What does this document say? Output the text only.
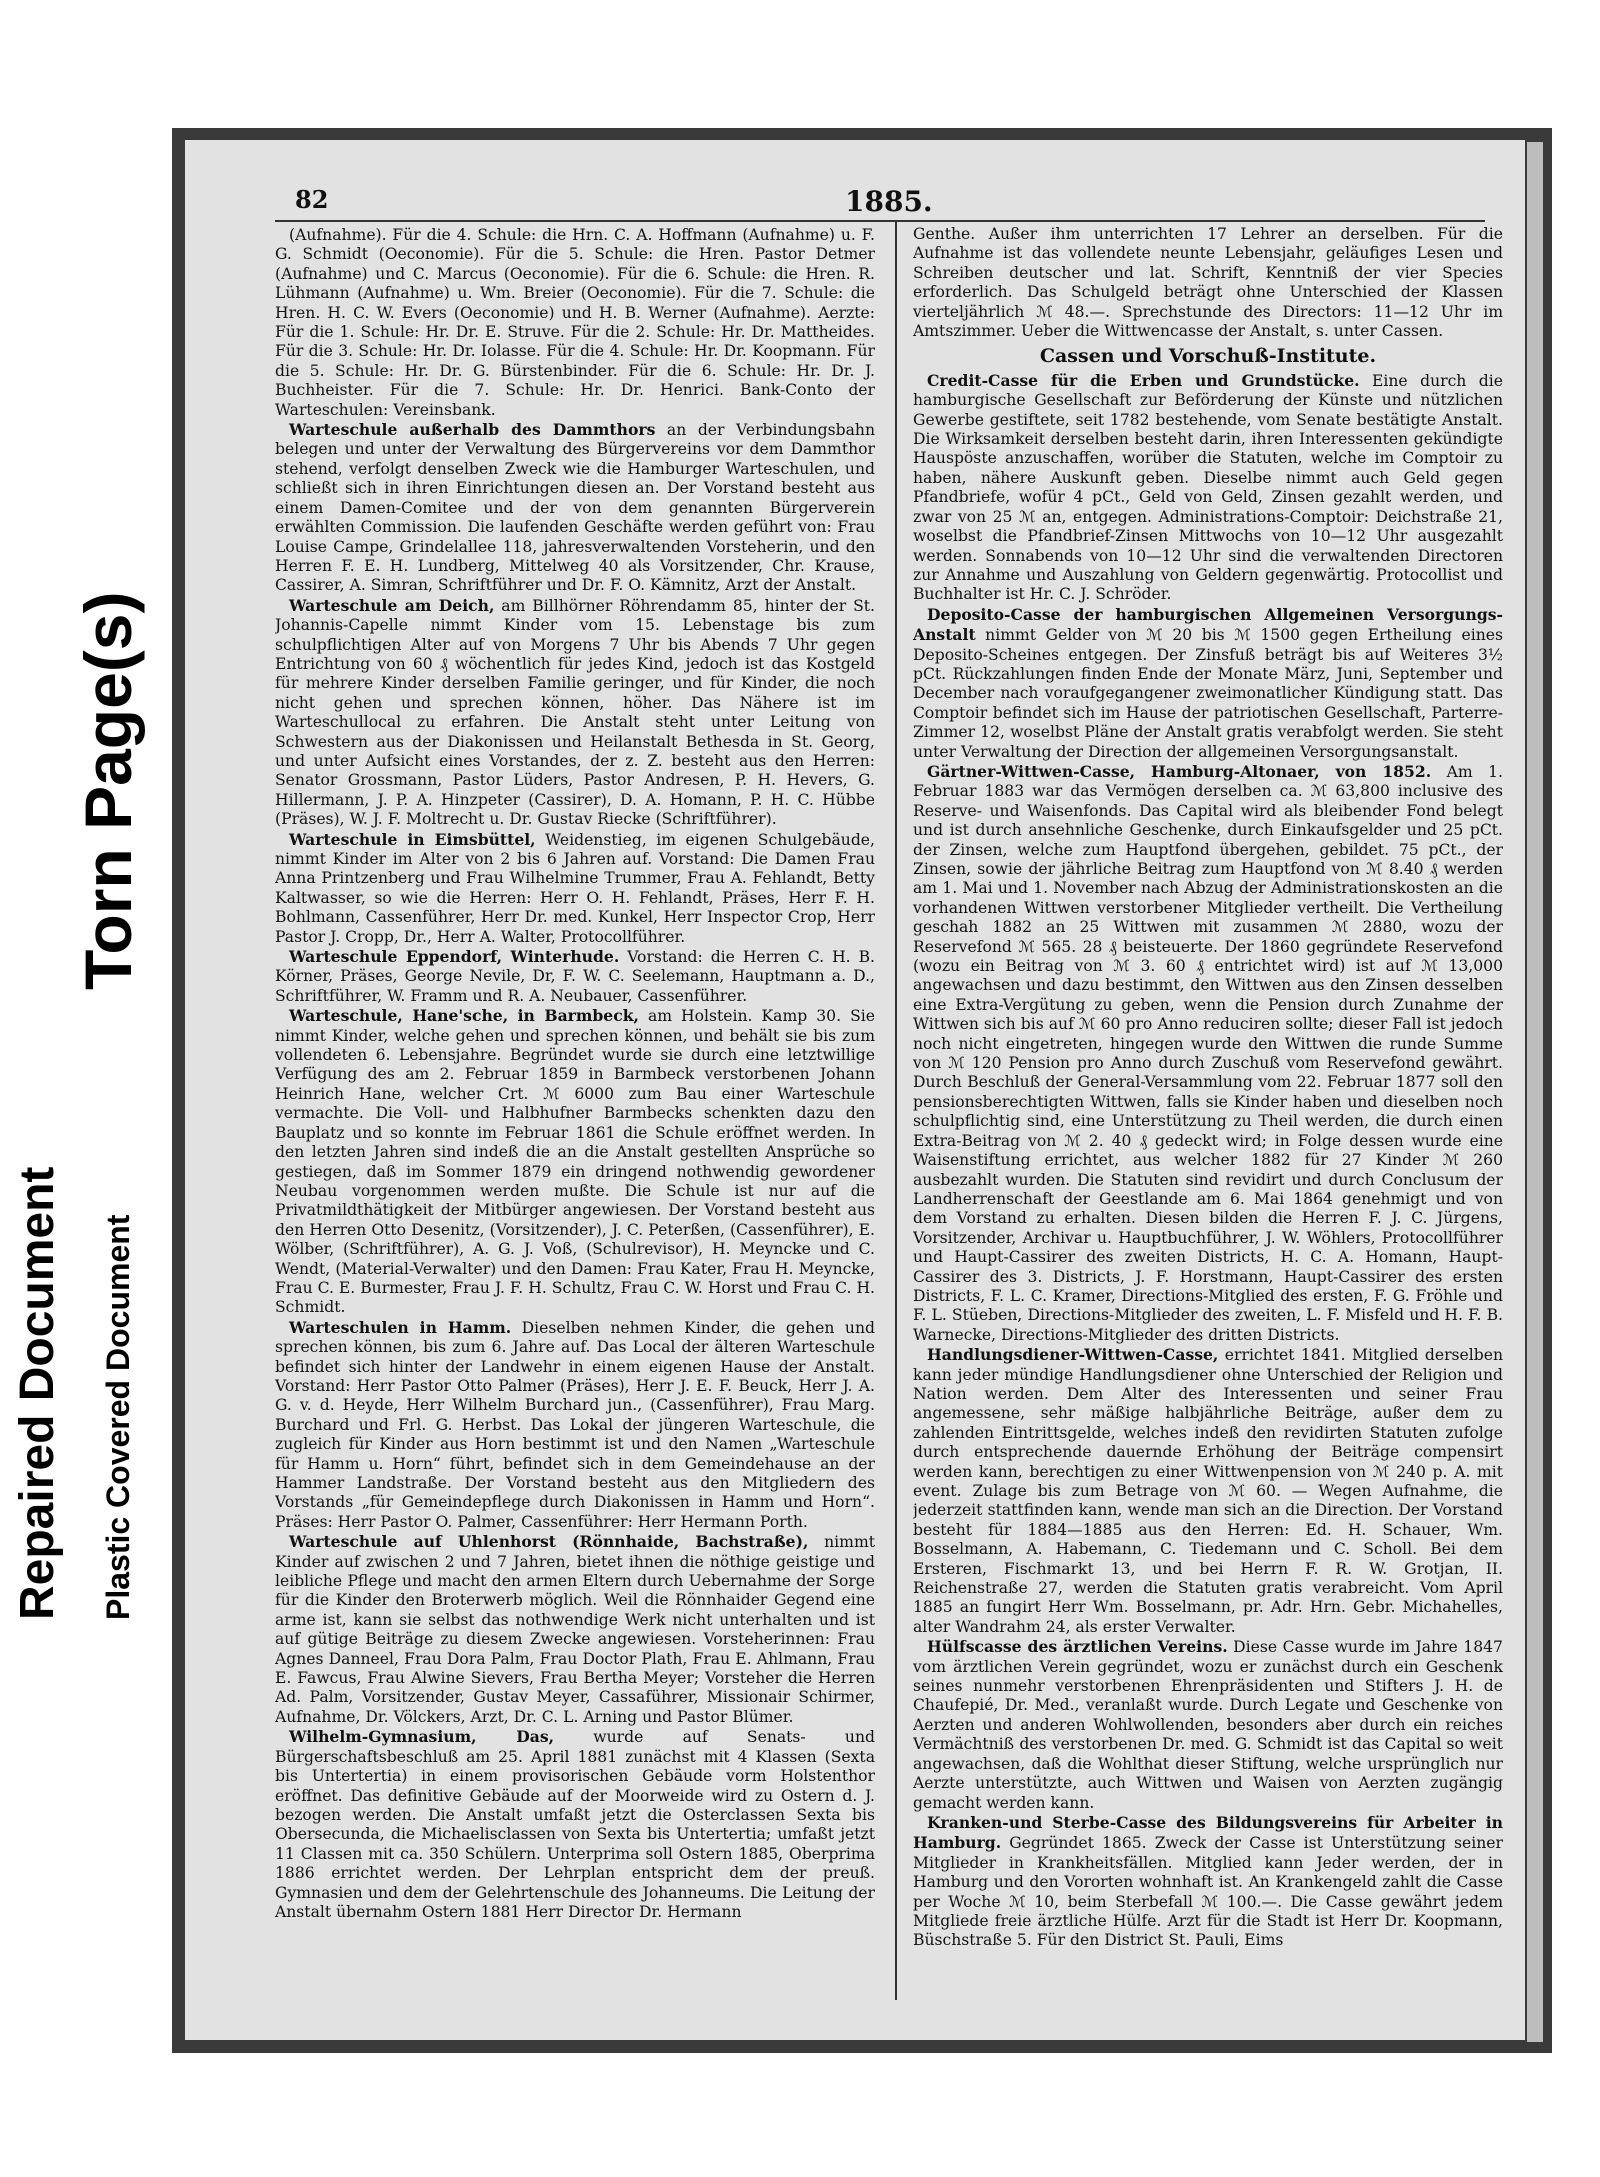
Torn Page(s)
Repaired Document Plastic Covered Document
82	1885.

(Aufnahme). Für die 4. Schule: die Hrn. C. A. Hoffmann (Aufnahme) u. F. G. Schmidt (Oeconomie). Für die 5. Schule: die Hren. Pastor Detmer (Aufnahme) und C. Marcus (Oeconomie). Für die 6. Schule: die Hren. R. Lühmann (Aufnahme) u. Wm. Breier (Oeconomie). Für die 7. Schule: die Hren. H. C. W. Evers (Oeconomie) und H. B. Werner (Aufnahme). Aerzte: Für die 1. Schule: Hr. Dr. E. Struve. Für die 2. Schule: Hr. Dr. Mattheides. Für die 3. Schule: Hr. Dr. Iolasse. Für die 4. Schule: Hr. Dr. Koopmann. Für die 5. Schule: Hr. Dr. G. Bürstenbinder. Für die 6. Schule: Hr. Dr. J. Buchheister. Für die 7. Schule: Hr. Dr. Henrici. Bank-Conto der Warteschulen: Vereinsbank.

Warteschule außerhalb des Dammthors an der Verbindungsbahn belegen und unter der Verwaltung des Bürgervereins vor dem Dammthor stehend, verfolgt denselben Zweck wie die Hamburger Warteschulen, und schließt sich in ihren Einrichtungen diesen an. Der Vorstand besteht aus einem Damen-Comitee und der von dem genannten Bürgerverein erwählten Commission. Die laufenden Geschäfte werden geführt von: Frau Louise Campe, Grindelallee 118, jahresverwaltenden Vorsteherin, und den Herren F. E. H. Lundberg, Mittelweg 40 als Vorsitzender, Chr. Krause, Cassirer, A. Simran, Schriftführer und Dr. F. O. Kämnitz, Arzt der Anstalt.

Warteschule am Deich, am Billhörner Röhrendamm 85, hinter der St. Johannis-Capelle nimmt Kinder vom 15. Lebenstage bis zum schulpflichtigen Alter auf von Morgens 7 Uhr bis Abends 7 Uhr gegen Entrichtung von 60 ₰ wöchentlich für jedes Kind, jedoch ist das Kostgeld für mehrere Kinder derselben Familie geringer, und für Kinder, die noch nicht gehen und sprechen können, höher. Das Nähere ist im Warteschullocal zu erfahren. Die Anstalt steht unter Leitung von Schwestern aus der Diakonissen und Heilanstalt Bethesda in St. Georg, und unter Aufsicht eines Vorstandes, der z. Z. besteht aus den Herren: Senator Grossmann, Pastor Lüders, Pastor Andresen, P. H. Hevers, G. Hillermann, J. P. A. Hinzpeter (Cassirer), D. A. Homann, P. H. C. Hübbe (Präses), W. J. F. Moltrecht u. Dr. Gustav Riecke (Schriftführer).

Warteschule in Eimsbüttel, Weidenstieg, im eigenen Schulgebäude, nimmt Kinder im Alter von 2 bis 6 Jahren auf. Vorstand: Die Damen Frau Anna Printzenberg und Frau Wilhelmine Trummer, Frau A. Fehlandt, Betty Kaltwasser, so wie die Herren: Herr O. H. Fehlandt, Präses, Herr F. H. Bohlmann, Cassenführer, Herr Dr. med. Kunkel, Herr Inspector Crop, Herr Pastor J. Cropp, Dr., Herr A. Walter, Protocollführer.

Warteschule Eppendorf, Winterhude. Vorstand: die Herren C. H. B. Körner, Präses, George Nevile, Dr, F. W. C. Seelemann, Hauptmann a. D., Schriftführer, W. Framm und R. A. Neubauer, Cassenführer.

Warteschule, Hane'sche, in Barmbeck, am Holstein. Kamp 30. Sie nimmt Kinder, welche gehen und sprechen können, und behält sie bis zum vollendeten 6. Lebensjahre. Begründet wurde sie durch eine letztwillige Verfügung des am 2. Februar 1859 in Barmbeck verstorbenen Johann Heinrich Hane, welcher Crt. ℳ 6000 zum Bau einer Warteschule vermachte. Die Voll- und Halbhufner Barmbecks schenkten dazu den Bauplatz und so konnte im Februar 1861 die Schule eröffnet werden. In den letzten Jahren sind indeß die an die Anstalt gestellten Ansprüche so gestiegen, daß im Sommer 1879 ein dringend nothwendig gewordener Neubau vorgenommen werden mußte. Die Schule ist nur auf die Privatmildthätigkeit der Mitbürger angewiesen. Der Vorstand besteht aus den Herren Otto Desenitz, (Vorsitzender), J. C. Peterßen, (Cassenführer), E. Wölber, (Schriftführer), A. G. J. Voß, (Schulrevisor), H. Meyncke und C. Wendt, (Material-Verwalter) und den Damen: Frau Kater, Frau H. Meyncke, Frau C. E. Burmester, Frau J. F. H. Schultz, Frau C. W. Horst und Frau C. H. Schmidt.

Warteschulen in Hamm. Dieselben nehmen Kinder, die gehen und sprechen können, bis zum 6. Jahre auf. Das Local der älteren Warteschule befindet sich hinter der Landwehr in einem eigenen Hause der Anstalt. Vorstand: Herr Pastor Otto Palmer (Präses), Herr J. E. F. Beuck, Herr J. A. G. v. d. Heyde, Herr Wilhelm Burchard jun., (Cassenführer), Frau Marg. Burchard und Frl. G. Herbst. Das Lokal der jüngeren Warteschule, die zugleich für Kinder aus Horn bestimmt ist und den Namen „Warteschule für Hamm u. Horn“ führt, befindet sich in dem Gemeindehause an der Hammer Landstraße. Der Vorstand besteht aus den Mitgliedern des Vorstands „für Gemeindepflege durch Diakonissen in Hamm und Horn“. Präses: Herr Pastor O. Palmer, Cassenführer: Herr Hermann Porth.

Warteschule auf Uhlenhorst (Rönnhaide, Bachstraße), nimmt Kinder auf zwischen 2 und 7 Jahren, bietet ihnen die nöthige geistige und leibliche Pflege und macht den armen Eltern durch Uebernahme der Sorge für die Kinder den Broterwerb möglich. Weil die Rönnhaider Gegend eine arme ist, kann sie selbst das nothwendige Werk nicht unterhalten und ist auf gütige Beiträge zu diesem Zwecke angewiesen. Vorsteherinnen: Frau Agnes Danneel, Frau Dora Palm, Frau Doctor Plath, Frau E. Ahlmann, Frau E. Fawcus, Frau Alwine Sievers, Frau Bertha Meyer; Vorsteher die Herren Ad. Palm, Vorsitzender, Gustav Meyer, Cassaführer, Missionair Schirmer, Aufnahme, Dr. Völckers, Arzt, Dr. C. L. Arning und Pastor Blümer.

Wilhelm-Gymnasium, Das, wurde auf Senats- und Bürgerschaftsbeschluß am 25. April 1881 zunächst mit 4 Klassen (Sexta bis Untertertia) in einem provisorischen Gebäude vorm Holstenthor eröffnet. Das definitive Gebäude auf der Moorweide wird zu Ostern d. J. bezogen werden. Die Anstalt umfaßt jetzt die Osterclassen Sexta bis Obersecunda, die Michaelisclassen von Sexta bis Untertertia; umfaßt jetzt 11 Classen mit ca. 350 Schülern. Unterprima soll Ostern 1885, Oberprima 1886 errichtet werden. Der Lehrplan entspricht dem der preuß. Gymnasien und dem der Gelehrtenschule des Johanneums. Die Leitung der Anstalt übernahm Ostern 1881 Herr Director Dr. Hermann

Genthe. Außer ihm unterrichten 17 Lehrer an derselben. Für die Aufnahme ist das vollendete neunte Lebensjahr, geläufiges Lesen und Schreiben deutscher und lat. Schrift, Kenntniß der vier Species erforderlich. Das Schulgeld beträgt ohne Unterschied der Klassen vierteljährlich ℳ 48.—. Sprechstunde des Directors: 11—12 Uhr im Amtszimmer. Ueber die Wittwencasse der Anstalt, s. unter Cassen.

Cassen und Vorschuß-Institute.

Credit-Casse für die Erben und Grundstücke. Eine durch die hamburgische Gesellschaft zur Beförderung der Künste und nützlichen Gewerbe gestiftete, seit 1782 bestehende, vom Senate bestätigte Anstalt. Die Wirksamkeit derselben besteht darin, ihren Interessenten gekündigte Hauspöste anzuschaffen, worüber die Statuten, welche im Comptoir zu haben, nähere Auskunft geben. Dieselbe nimmt auch Geld gegen Pfandbriefe, wofür 4 pCt., Geld von Geld, Zinsen gezahlt werden, und zwar von 25 ℳ an, entgegen. Administrations-Comptoir: Deichstraße 21, woselbst die Pfandbrief-Zinsen Mittwochs von 10—12 Uhr ausgezahlt werden. Sonnabends von 10—12 Uhr sind die verwaltenden Directoren zur Annahme und Auszahlung von Geldern gegenwärtig. Protocollist und Buchhalter ist Hr. C. J. Schröder.

Deposito-Casse der hamburgischen Allgemeinen Versorgungs-Anstalt nimmt Gelder von ℳ 20 bis ℳ 1500 gegen Ertheilung eines Deposito-Scheines entgegen. Der Zinsfuß beträgt bis auf Weiteres 3½ pCt. Rückzahlungen finden Ende der Monate März, Juni, September und December nach voraufgegangener zweimonatlicher Kündigung statt. Das Comptoir befindet sich im Hause der patriotischen Gesellschaft, Parterre-Zimmer 12, woselbst Pläne der Anstalt gratis verabfolgt werden. Sie steht unter Verwaltung der Direction der allgemeinen Versorgungsanstalt.

Gärtner-Wittwen-Casse, Hamburg-Altonaer, von 1852. Am 1. Februar 1883 war das Vermögen derselben ca. ℳ 63,800 inclusive des Reserve- und Waisenfonds. Das Capital wird als bleibender Fond belegt und ist durch ansehnliche Geschenke, durch Einkaufsgelder und 25 pCt. der Zinsen, welche zum Hauptfond übergehen, gebildet. 75 pCt., der Zinsen, sowie der jährliche Beitrag zum Hauptfond von ℳ 8.40 ₰ werden am 1. Mai und 1. November nach Abzug der Administrationskosten an die vorhandenen Wittwen verstorbener Mitglieder vertheilt. Die Vertheilung geschah 1882 an 25 Wittwen mit zusammen ℳ 2880, wozu der Reservefond ℳ 565. 28 ₰ beisteuerte. Der 1860 gegründete Reservefond (wozu ein Beitrag von ℳ 3. 60 ₰ entrichtet wird) ist auf ℳ 13,000 angewachsen und dazu bestimmt, den Wittwen aus den Zinsen desselben eine Extra-Vergütung zu geben, wenn die Pension durch Zunahme der Wittwen sich bis auf ℳ 60 pro Anno reduciren sollte; dieser Fall ist jedoch noch nicht eingetreten, hingegen wurde den Wittwen die runde Summe von ℳ 120 Pension pro Anno durch Zuschuß vom Reservefond gewährt. Durch Beschluß der General-Versammlung vom 22. Februar 1877 soll den pensionsberechtigten Wittwen, falls sie Kinder haben und dieselben noch schulpflichtig sind, eine Unterstützung zu Theil werden, die durch einen Extra-Beitrag von ℳ 2. 40 ₰ gedeckt wird; in Folge dessen wurde eine Waisenstiftung errichtet, aus welcher 1882 für 27 Kinder ℳ 260 ausbezahlt wurden. Die Statuten sind revidirt und durch Conclusum der Landherrenschaft der Geestlande am 6. Mai 1864 genehmigt und von dem Vorstand zu erhalten. Diesen bilden die Herren F. J. C. Jürgens, Vorsitzender, Archivar u. Hauptbuchführer, J. W. Wöhlers, Protocollführer und Haupt-Cassirer des zweiten Districts, H. C. A. Homann, Haupt-Cassirer des 3. Districts, J. F. Horstmann, Haupt-Cassirer des ersten Districts, F. L. C. Kramer, Directions-Mitglied des ersten, F. G. Fröhle und F. L. Stüeben, Directions-Mitglieder des zweiten, L. F. Misfeld und H. F. B. Warnecke, Directions-Mitglieder des dritten Districts.

Handlungsdiener-Wittwen-Casse, errichtet 1841. Mitglied derselben kann jeder mündige Handlungsdiener ohne Unterschied der Religion und Nation werden. Dem Alter des Interessenten und seiner Frau angemessene, sehr mäßige halbjährliche Beiträge, außer dem zu zahlenden Eintrittsgelde, welches indeß den revidirten Statuten zufolge durch entsprechende dauernde Erhöhung der Beiträge compensirt werden kann, berechtigen zu einer Wittwenpension von ℳ 240 p. A. mit event. Zulage bis zum Betrage von ℳ 60. — Wegen Aufnahme, die jederzeit stattfinden kann, wende man sich an die Direction. Der Vorstand besteht für 1884—1885 aus den Herren: Ed. H. Schauer, Wm. Bosselmann, A. Habemann, C. Tiedemann und C. Scholl. Bei dem Ersteren, Fischmarkt 13, und bei Herrn F. R. W. Grotjan, II. Reichenstraße 27, werden die Statuten gratis verabreicht. Vom April 1885 an fungirt Herr Wm. Bosselmann, pr. Adr. Hrn. Gebr. Michahelles, alter Wandrahm 24, als erster Verwalter.

Hülfscasse des ärztlichen Vereins. Diese Casse wurde im Jahre 1847 vom ärztlichen Verein gegründet, wozu er zunächst durch ein Geschenk seines nunmehr verstorbenen Ehrenpräsidenten und Stifters J. H. de Chaufepié, Dr. Med., veranlaßt wurde. Durch Legate und Geschenke von Aerzten und anderen Wohlwollenden, besonders aber durch ein reiches Vermächtniß des verstorbenen Dr. med. G. Schmidt ist das Capital so weit angewachsen, daß die Wohlthat dieser Stiftung, welche ursprünglich nur Aerzte unterstützte, auch Wittwen und Waisen von Aerzten zugängig gemacht werden kann.

Kranken-und Sterbe-Casse des Bildungsvereins für Arbeiter in Hamburg. Gegründet 1865. Zweck der Casse ist Unterstützung seiner Mitglieder in Krankheitsfällen. Mitglied kann Jeder werden, der in Hamburg und den Vororten wohnhaft ist. An Krankengeld zahlt die Casse per Woche ℳ 10, beim Sterbefall ℳ 100.—. Die Casse gewährt jedem Mitgliede freie ärztliche Hülfe. Arzt für die Stadt ist Herr Dr. Koopmann, Büschstraße 5. Für den District St. Pauli, Eims
